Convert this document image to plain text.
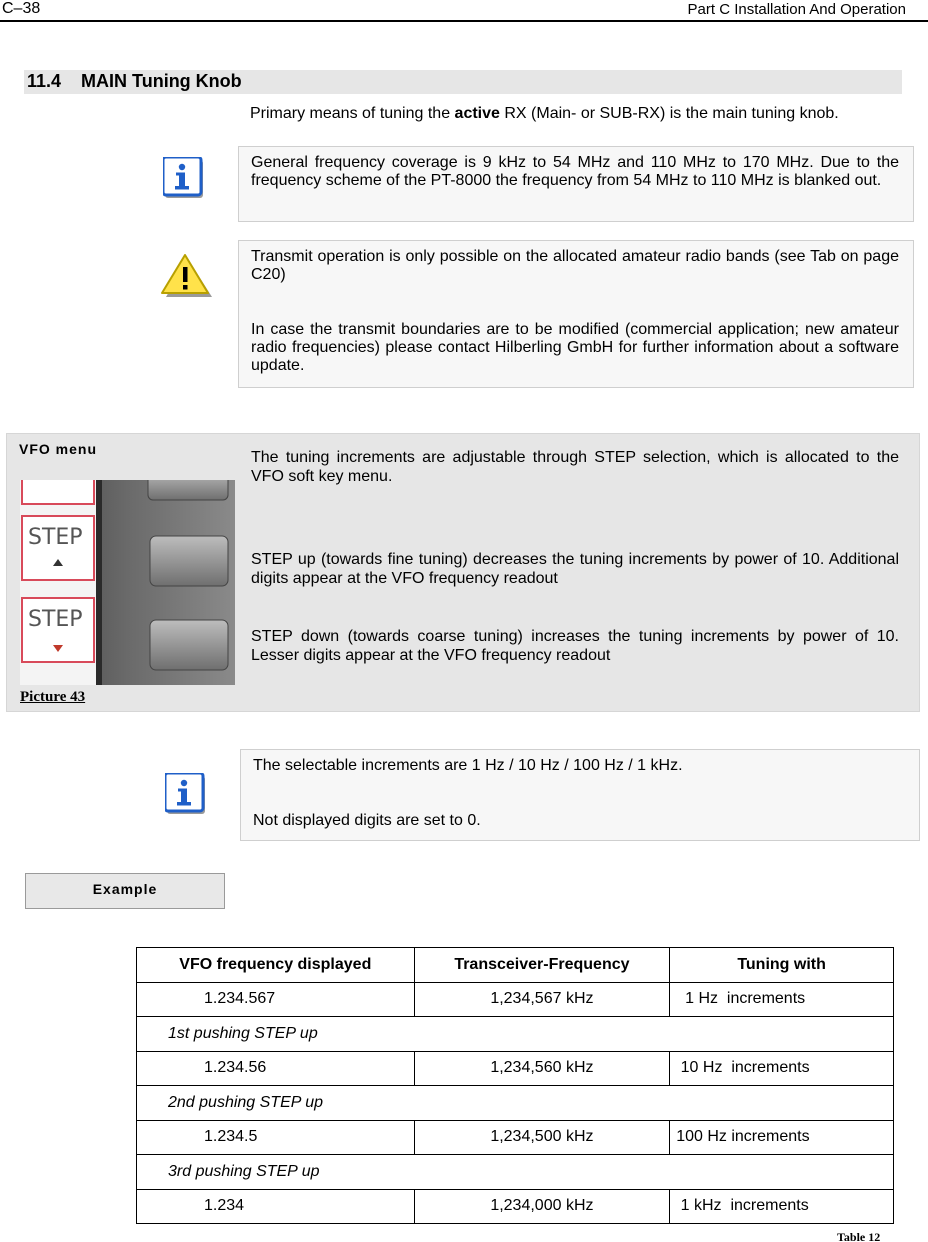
C–38	Part C Installation And Operation
11.4    MAIN Tuning Knob
Primary means of tuning the active RX (Main- or SUB-RX) is the main tuning knob.
General frequency coverage is 9 kHz to 54 MHz and 110 MHz to 170 MHz. Due to the frequency scheme of the PT-8000 the frequency from 54 MHz to 110 MHz is blanked out.
Transmit operation is only possible on the allocated amateur radio bands (see Tab on page C20)
In case the transmit boundaries are to be modified (commercial application; new amateur radio frequencies) please contact Hilberling GmbH for further information about a software update.
VFO menu
STEP
STEP
Picture 43
The tuning increments are adjustable through STEP selection, which is allocated to the VFO soft key menu.
STEP up (towards fine tuning) decreases the tuning increments by power of 10. Additional digits appear at the VFO frequency readout
STEP down (towards coarse tuning) increases the tuning increments by power of 10. Lesser digits appear at the VFO frequency readout
The selectable increments are 1 Hz / 10 Hz / 100 Hz / 1 kHz.
Not displayed digits are set to 0.
Example
VFO frequency displayed	Transceiver-Frequency	Tuning with
1.234.567	1,234,567 kHz	1 Hz  increments
1st pushing STEP up		
1.234.56	1,234,560 kHz	10 Hz  increments
2nd pushing STEP up		
1.234.5	1,234,500 kHz	100 Hz increments
3rd pushing STEP up		
1.234	1,234,000 kHz	1 kHz  increments
Table 12
